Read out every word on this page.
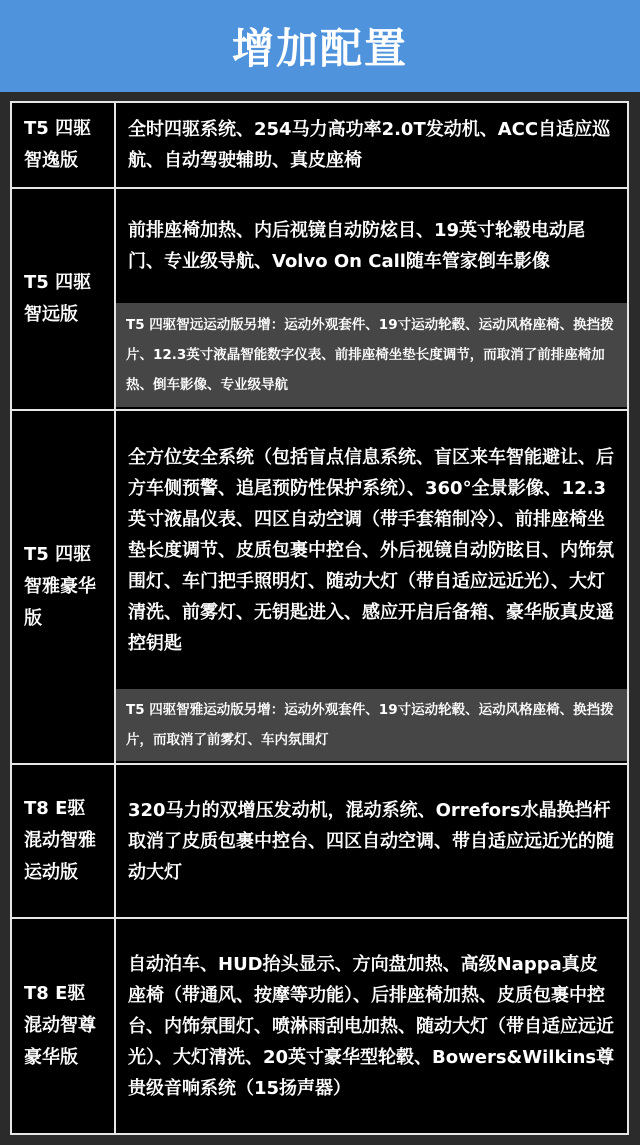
增加配置
T5 四驱
智逸版
全时四驱系统、254马力高功率2.0T发动机、ACC自适应巡航、自动驾驶辅助、真皮座椅
T5 四驱
智远版
前排座椅加热、内后视镜自动防炫目、19英寸轮毂电动尾门、专业级导航、Volvo On Call随车管家倒车影像
T5 四驱智远运动版另增：运动外观套件、19寸运动轮毂、运动风格座椅、换挡拨片、12.3英寸液晶智能数字仪表、前排座椅坐垫长度调节，而取消了前排座椅加热、倒车影像、专业级导航
T5 四驱
智雅豪华
版
全方位安全系统（包括盲点信息系统、盲区来车智能避让、后方车侧预警、追尾预防性保护系统）、360°全景影像、12.3英寸液晶仪表、四区自动空调（带手套箱制冷）、前排座椅坐垫长度调节、皮质包裹中控台、外后视镜自动防眩目、内饰氛围灯、车门把手照明灯、随动大灯（带自适应远近光）、大灯清洗、前雾灯、无钥匙进入、感应开启后备箱、豪华版真皮遥控钥匙
T5 四驱智雅运动版另增：运动外观套件、19寸运动轮毂、运动风格座椅、换挡拨片，而取消了前雾灯、车内氛围灯
T8 E驱
混动智雅
运动版
320马力的双增压发动机，混动系统、Orrefors水晶换挡杆
取消了皮质包裹中控台、四区自动空调、带自适应远近光的随动大灯
T8 E驱
混动智尊
豪华版
自动泊车、HUD抬头显示、方向盘加热、高级Nappa真皮座椅（带通风、按摩等功能）、后排座椅加热、皮质包裹中控台、内饰氛围灯、喷淋雨刮电加热、随动大灯（带自适应远近光）、大灯清洗、20英寸豪华型轮毂、Bowers&Wilkins尊贵级音响系统（15扬声器）
